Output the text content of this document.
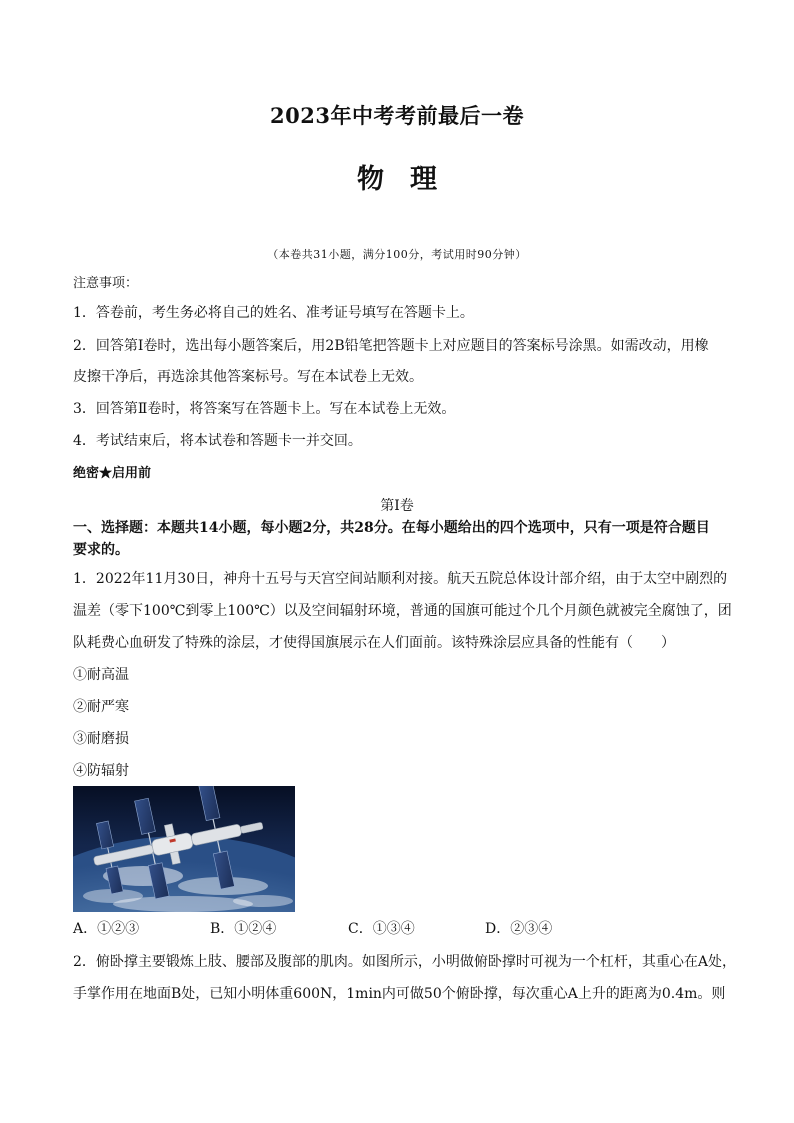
2023年中考考前最后一卷
物理
（本卷共31小题，满分100分，考试用时90分钟）
注意事项：
1．答卷前，考生务必将自己的姓名、准考证号填写在答题卡上。
2．回答第Ⅰ卷时，选出每小题答案后，用2B铅笔把答题卡上对应题目的答案标号涂黑。如需改动，用橡
皮擦干净后，再选涂其他答案标号。写在本试卷上无效。
3．回答第Ⅱ卷时，将答案写在答题卡上。写在本试卷上无效。
4．考试结束后，将本试卷和答题卡一并交回。
绝密★启用前
第Ⅰ卷
一、选择题：本题共14小题，每小题2分，共28分。在每小题给出的四个选项中，只有一项是符合题目
要求的。
1．2022年11月30日，神舟十五号与天宫空间站顺利对接。航天五院总体设计部介绍，由于太空中剧烈的
温差（零下100℃到零上100℃）以及空间辐射环境，普通的国旗可能过个几个月颜色就被完全腐蚀了，团
队耗费心血研发了特殊的涂层，才使得国旗展示在人们面前。该特殊涂层应具备的性能有（　　）
①耐高温
②耐严寒
③耐磨损
④防辐射
A．①②③	B．①②④	C．①③④	D．②③④
2．俯卧撑主要锻炼上肢、腰部及腹部的肌肉。如图所示，小明做俯卧撑时可视为一个杠杆，其重心在A处，
手掌作用在地面B处，已知小明体重600N，1min内可做50个俯卧撑，每次重心A上升的距离为0.4m。则
